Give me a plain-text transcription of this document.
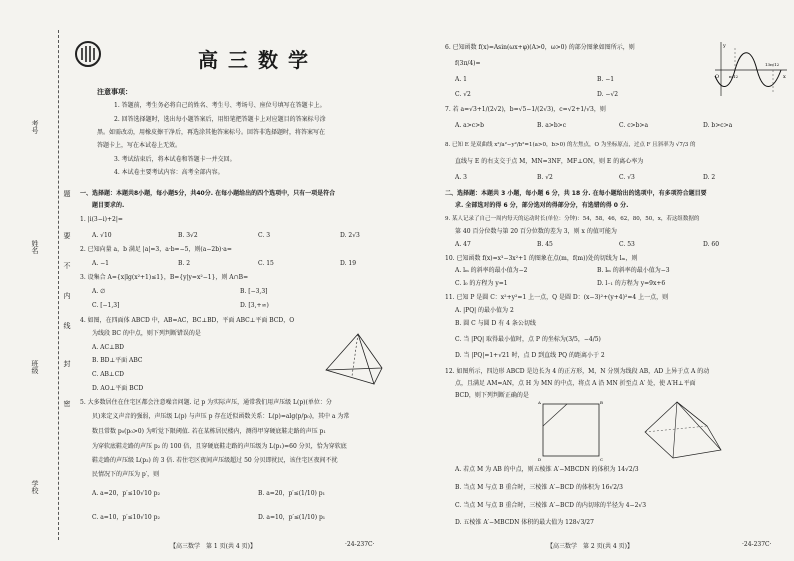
考号
姓名
班级
学校
题
要
不
内
线
封
密
高三数学
注意事项：
1. 答题前，考生务必将自己的姓名、考生号、考场号、座位号填写在答题卡上。
2. 回答选择题时，选出每小题答案后，用铅笔把答题卡上对应题目的答案标号涂
黑。如需改动，用橡皮擦干净后，再选涂其他答案标号。回答非选择题时，将答案写在
答题卡上，写在本试卷上无效。
3. 考试结束后，将本试卷和答题卡一并交回。
4. 本试卷主要考试内容：高考全部内容。
一、选择题：本题共8小题，每小题5分，共40分. 在每小题给出的四个选项中，只有一项是符合
题目要求的.
1. |i(3−i)+2|=
A. √10	B. 3√2	C. 3	D. 2√3
2. 已知向量 a，b 满足 |a|=3，a·b=−5，则(a−2b)·a=
A. −1	B. 2	C. 15	D. 19
3. 设集合 A={x|lg(x²+1)≤1}，B={y|y=x²−1}，则 A∩B=
A. ∅	B. [−3,3]
C. [−1,3]	D. [3,+∞)
4. 如图，在四面体 ABCD 中，AB=AC，BC⊥BD，平面 ABC⊥平面 BCD，O
为线段 BC 的中点，则下列判断错误的是
A. AC⊥BD
B. BD⊥平面 ABC
C. AB⊥CD
D. AO⊥平面 BCD
5. 大多数居住在住宅区都会注意噪音问题. 记 p 为实际声压，通常我们用声压级 L(p)(单位：分
贝)来定义声音的强弱，声压级 L(p) 与声压 p 存在近似函数关系：L(p)=alg(p/p₀)，其中 a 为常
数且常数 p₀(p₀>0) 为听觉下限阈值. 若在某栋居民楼内，测得甲穿硬底鞋走路的声压 p₁
为穿软底鞋走路的声压 p₂ 的 100 倍，且穿硬底鞋走路的声压级为 L(p₁)=60 分贝，恰为穿软底
鞋走路的声压级 L(p₂) 的 3 倍. 若住宅区夜间声压级超过 50 分贝即扰民，该住宅区夜间不扰
民情况下的声压为 p′，则
A. a=20，p′≤10√10 p₂	B. a=20，p′≤(1/10) p₁
C. a=10，p′≤10√10 p₂	D. a=10，p′≤(1/10) p₁
【高三数学　第 1 页(共 4 页)】	·24-237C·
6. 已知函数 f(x)=Asin(ωx+φ)(A>0，ω>0) 的部分图象如图所示，则
f(3π/4)=
A. 1	B. −1
C. √2	D. −√2
y
x
O π/12
13π/12
7. 若 a=√3+1/(2√2)，b=√5−1/(2√3)，c=√2+1/√3，则
A. a>c>b	B. a>b>c	C. c>b>a	D. b>c>a
8. 已知 E 是双曲线 x²/a²−y²/b²=1(a>0，b>0) 的左焦点，O 为坐标原点，过点 F 且斜率为 √7/3 的
直线与 E 的右支交于点 M，MN=3NF，MF⊥ON，则 E 的离心率为
A. 3	B. √2	C. √3	D. 2
二、选择题：本题共 3 小题，每小题 6 分，共 18 分. 在每小题给出的选项中，有多项符合题目要
求. 全部选对的得 6 分，部分选对的得部分分，有选错的得 0 分.
9. 某人记录了自己一周内每天的运动时长(单位：分钟)：54，58，46，62，80，50，x，若这组数据的
第 40 百分位数与第 20 百分位数的差为 3，则 x 的值可能为
A. 47	B. 45	C. 53	D. 60
10. 已知函数 f(x)=x³−3x²+1 的图象在点(m，f(m))处的切线为 lₘ，则
A. lₘ 的斜率的最小值为−2	B. lₘ 的斜率的最小值为−3
C. l₀ 的方程为 y=1	D. l₋₁ 的方程为 y=9x+6
11. 已知 P 是圆 C：x²+y²=1 上一点，Q 是圆 D：(x−3)²+(y+4)²=4 上一点，则
A. |PQ| 的最小值为 2
B. 圆 C 与圆 D 有 4 条公切线
C. 当 |PQ| 取得最小值时，点 P 的坐标为(3/5，−4/5)
D. 当 |PQ|=1+√21 时，点 D 到直线 PQ 的距离小于 2
12. 如图所示，四边形 ABCD 是边长为 4 的正方形，M，N 分别为线段 AB，AD 上异于点 A 的动
点，且满足 AM=AN，点 H 为 MN 的中点，将点 A 沿 MN 折至点 A′ 处，使 A′H⊥平面
BCD，则下列判断正确的是
A	B
C
D
A. 若点 M 为 AB 的中点，则五棱锥 A′−MBCDN 的体积为 14√2/3
B. 当点 M 与点 B 重合时，三棱锥 A′−BCD 的体积为 16√2/3
C. 当点 M 与点 B 重合时，三棱锥 A′−BCD 的内切球的半径为 4−2√3
D. 五棱锥 A′−MBCDN 体积的最大值为 128√3/27
【高三数学　第 2 页(共 4 页)】	·24-237C·
